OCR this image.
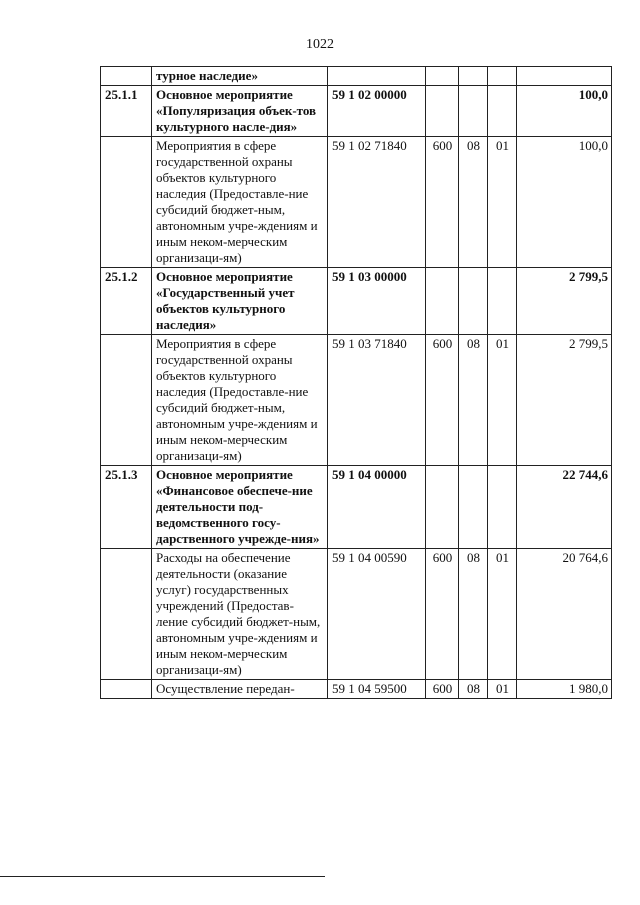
1022
	турное наследие»					
25.1.1	Основное мероприятие «Популяризация объек-тов культурного насле-дия»	59 1 02 00000				100,0
	Мероприятия в сфере государственной охраны объектов культурного наследия (Предоставле-ние субсидий бюджет-ным, автономным учре-ждениям и иным неком-мерческим организаци-ям)	59 1 02 71840	600	08	01	100,0
25.1.2	Основное мероприятие «Государственный учет объектов культурного наследия»	59 1 03 00000				2 799,5
	Мероприятия в сфере государственной охраны объектов культурного наследия (Предоставле-ние субсидий бюджет-ным, автономным учре-ждениям и иным неком-мерческим организаци-ям)	59 1 03 71840	600	08	01	2 799,5
25.1.3	Основное мероприятие «Финансовое обеспече-ние деятельности под-ведомственного госу-дарственного учрежде-ния»	59 1 04 00000				22 744,6
	Расходы на обеспечение деятельности (оказание услуг) государственных учреждений (Предостав-ление субсидий бюджет-ным, автономным учре-ждениям и иным неком-мерческим организаци-ям)	59 1 04 00590	600	08	01	20 764,6
	Осуществление передан-	59 1 04 59500	600	08	01	1 980,0
